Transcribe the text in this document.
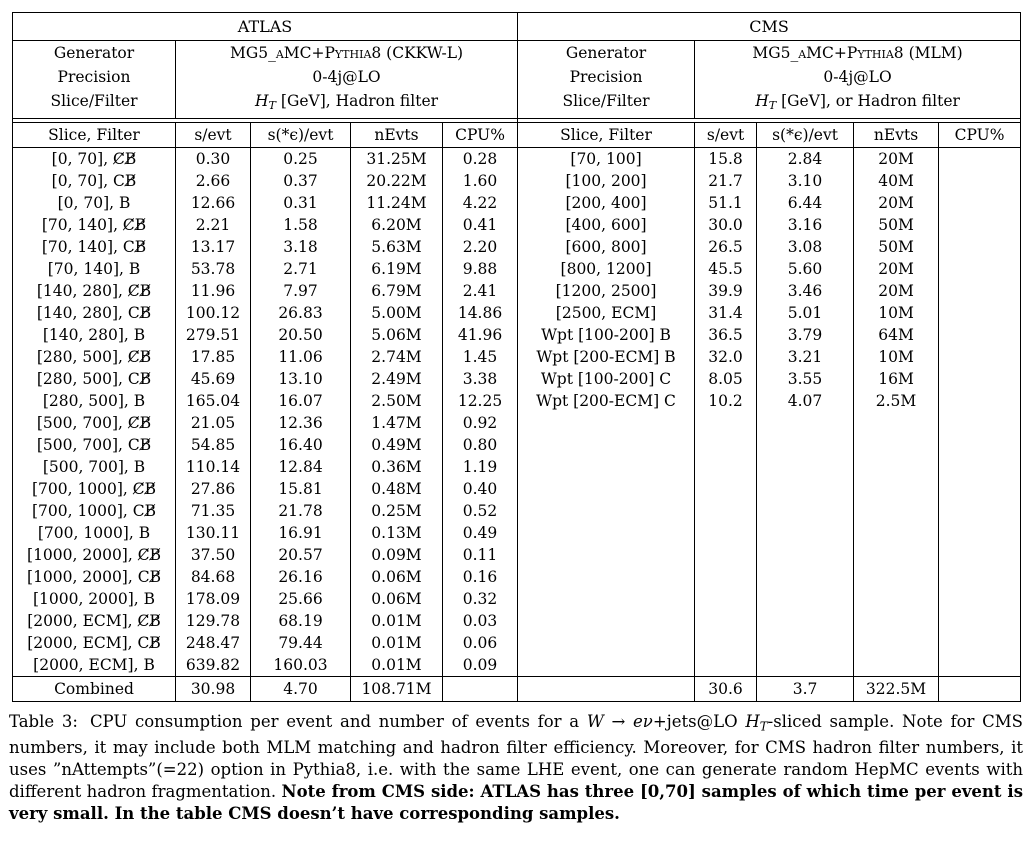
ATLAS					CMS				

Generator
Precision
Slice/Filter

MG5_aMC+Pythia8 (CKKW-L)
0-4j@LO
$H_T$ [GeV], Hadron filter

Generator
Precision
Slice/Filter

MG5_aMC+Pythia8 (MLM)
0-4j@LO
$H_T$ [GeV], or Hadron filter

Slice, Filter	s/evt	s(*ϵ)/evt	nEvts	CPU%	Slice, Filter	s/evt	s(*ϵ)/evt	nEvts	CPU%
[0, 70], C̸B̸	0.30	0.25	31.25M	0.28	[70, 100]	15.8	2.84	20M	
[0, 70], CB̸	2.66	0.37	20.22M	1.60	[100, 200]	21.7	3.10	40M	
[0, 70], B	12.66	0.31	11.24M	4.22	[200, 400]	51.1	6.44	20M	
[70, 140], C̸B̸	2.21	1.58	6.20M	0.41	[400, 600]	30.0	3.16	50M	
[70, 140], CB̸	13.17	3.18	5.63M	2.20	[600, 800]	26.5	3.08	50M	
[70, 140], B	53.78	2.71	6.19M	9.88	[800, 1200]	45.5	5.60	20M	
[140, 280], C̸B̸	11.96	7.97	6.79M	2.41	[1200, 2500]	39.9	3.46	20M	
[140, 280], CB̸	100.12	26.83	5.00M	14.86	[2500, ECM]	31.4	5.01	10M	
[140, 280], B	279.51	20.50	5.06M	41.96	Wpt [100-200] B	36.5	3.79	64M	
[280, 500], C̸B̸	17.85	11.06	2.74M	1.45	Wpt [200-ECM] B	32.0	3.21	10M	
[280, 500], CB̸	45.69	13.10	2.49M	3.38	Wpt [100-200] C	8.05	3.55	16M	
[280, 500], B	165.04	16.07	2.50M	12.25	Wpt [200-ECM] C	10.2	4.07	2.5M	
[500, 700], C̸B̸	21.05	12.36	1.47M	0.92					
[500, 700], CB̸	54.85	16.40	0.49M	0.80					
[500, 700], B	110.14	12.84	0.36M	1.19					
[700, 1000], C̸B̸	27.86	15.81	0.48M	0.40					
[700, 1000], CB̸	71.35	21.78	0.25M	0.52					
[700, 1000], B	130.11	16.91	0.13M	0.49					
[1000, 2000], C̸B̸	37.50	20.57	0.09M	0.11					
[1000, 2000], CB̸	84.68	26.16	0.06M	0.16					
[1000, 2000], B	178.09	25.66	0.06M	0.32					
[2000, ECM], C̸B̸	129.78	68.19	0.01M	0.03					
[2000, ECM], CB̸	248.47	79.44	0.01M	0.06					
[2000, ECM], B	639.82	160.03	0.01M	0.09					
Combined	30.98	4.70	108.71M			30.6	3.7	322.5M	
Table 3: CPU consumption per event and number of events for a W → eν+jets@LO $H_T$-sliced sample. Note for CMS numbers, it may include both MLM matching and hadron filter efficiency. Moreover, for CMS hadron filter numbers, it uses ”nAttempts”(=22) option in Pythia8, i.e. with the same LHE event, one can generate random HepMC events with different hadron fragmentation. Note from CMS side: ATLAS has three [0,70] samples of which time per event is very small. In the table CMS doesn’t have corresponding samples.
